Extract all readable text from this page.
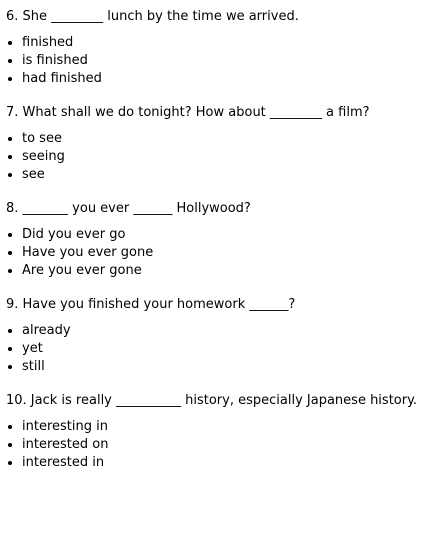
6. She ________ lunch by the time we arrived.

finished
is finished
had finished

7. What shall we do tonight? How about ________ a film?

to see
seeing
see

8. _______ you ever ______ Hollywood?

Did you ever go
Have you ever gone
Are you ever gone

9. Have you finished your homework ______?

already
yet
still

10. Jack is really __________ history, especially Japanese history.

interesting in
interested on
interested in
